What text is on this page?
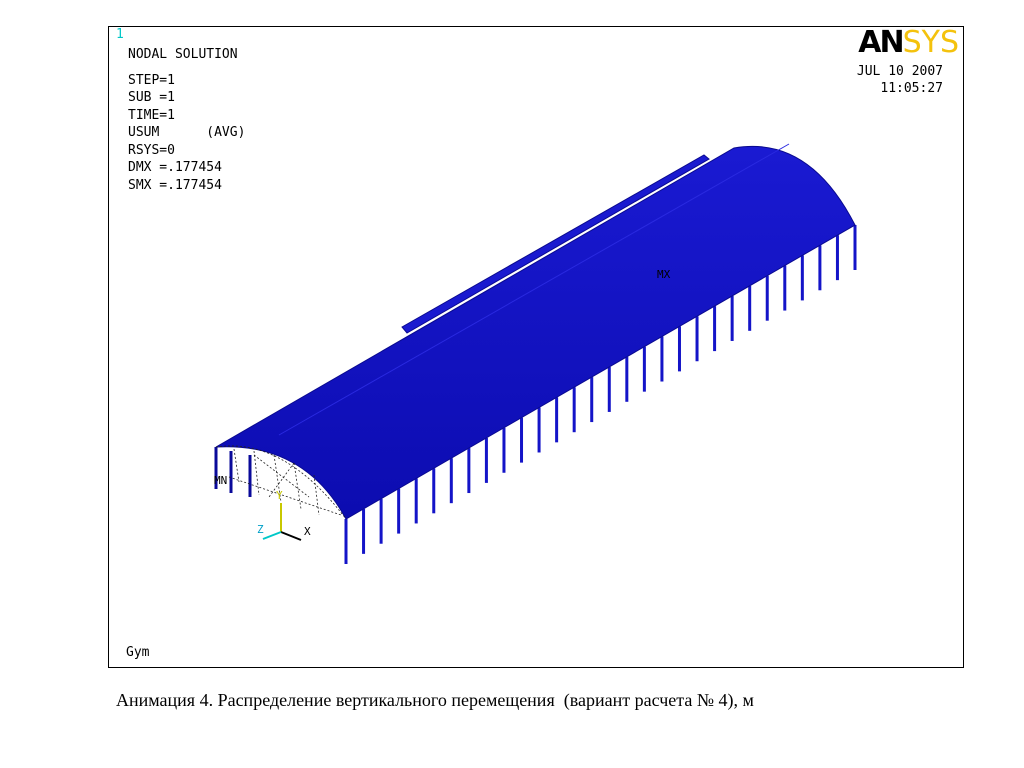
1
NODAL SOLUTION
STEP=1
SUB =1
TIME=1
USUM      (AVG)
RSYS=0
DMX =.177454
SMX =.177454
ANSYS
JUL 10 2007
11:05:27
MX
MN
Y
X
Z
Gym
Анимация 4. Распределение вертикального перемещения  (вариант расчета № 4), м
